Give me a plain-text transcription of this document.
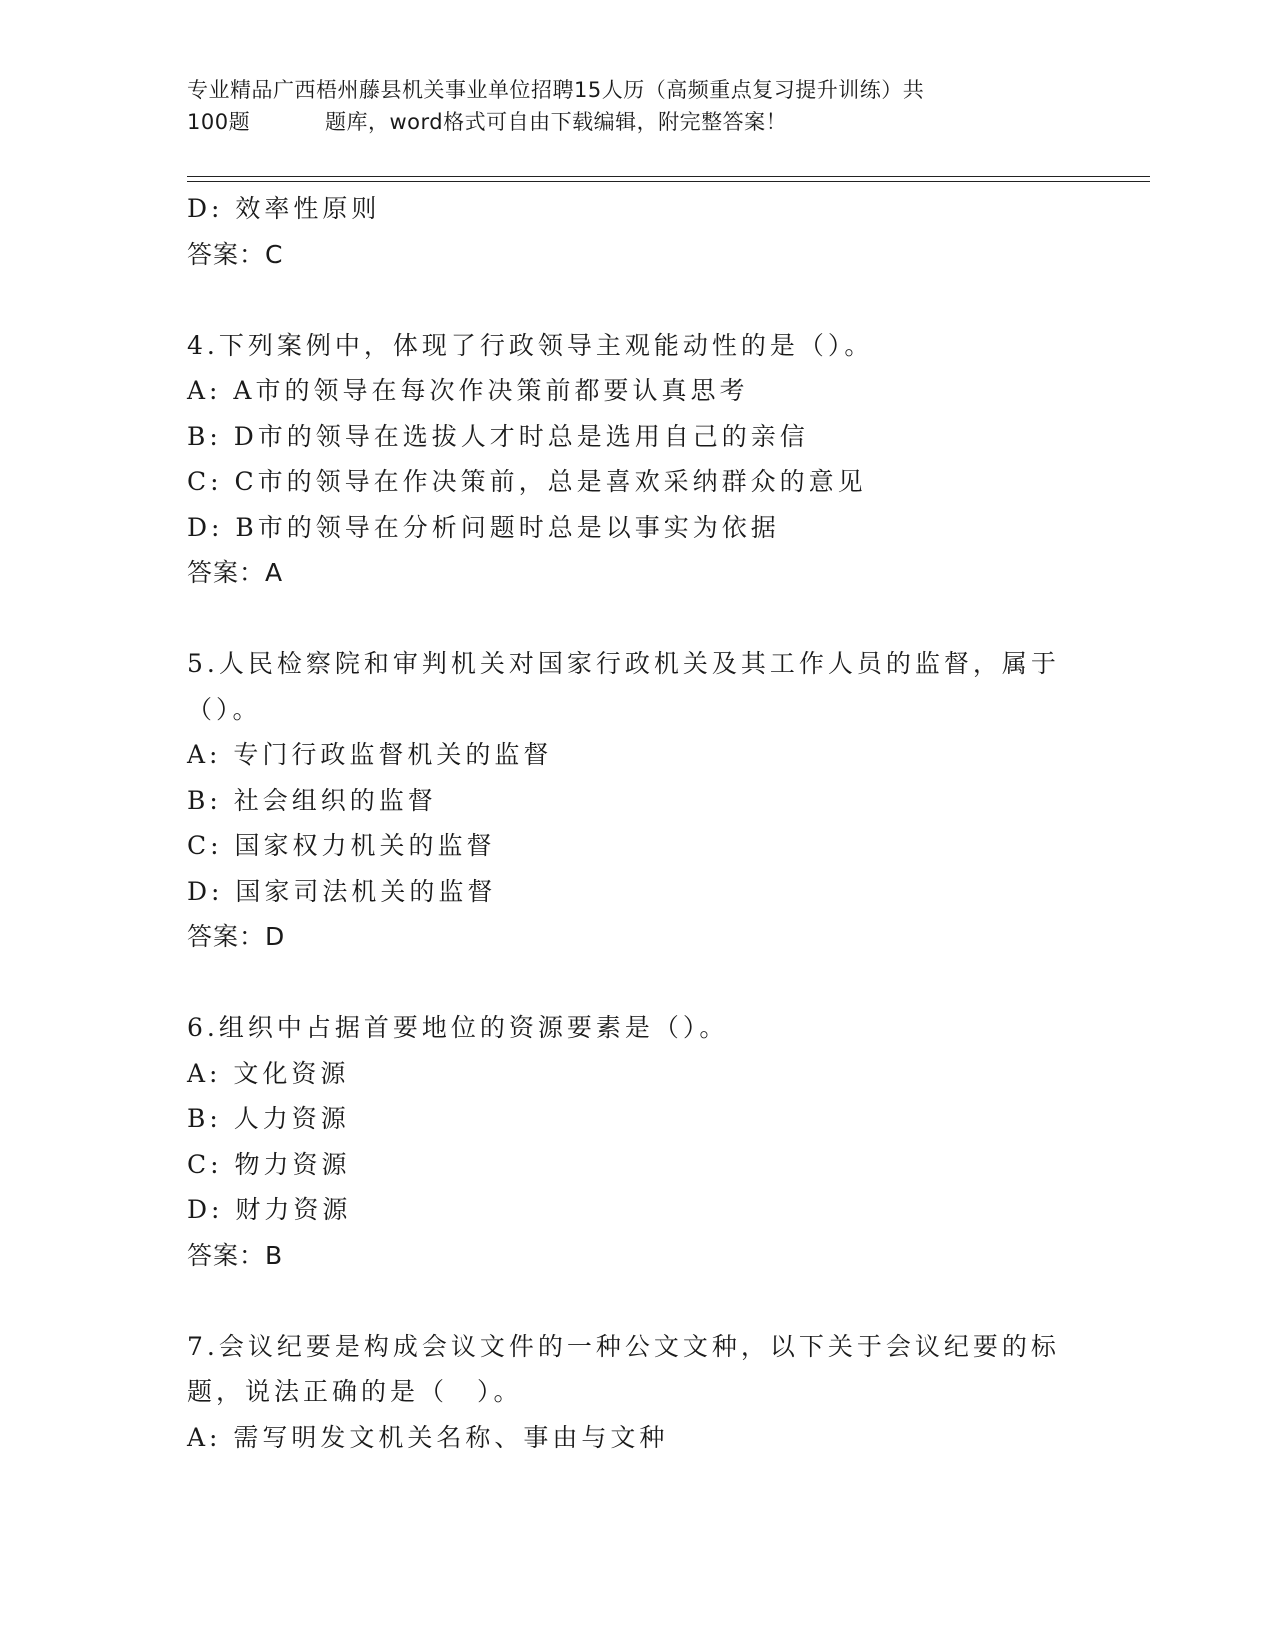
专业精品广西梧州藤县机关事业单位招聘15人历（高频重点复习提升训练）共
100题	题库，word格式可自由下载编辑，附完整答案！
D: 效率性原则
答案：C
4.下列案例中，体现了行政领导主观能动性的是（）。
A: A市的领导在每次作决策前都要认真思考
B: D市的领导在选拔人才时总是选用自己的亲信
C: C市的领导在作决策前，总是喜欢采纳群众的意见
D: B市的领导在分析问题时总是以事实为依据
答案：A
5.人民检察院和审判机关对国家行政机关及其工作人员的监督，属于
（）。
A: 专门行政监督机关的监督
B: 社会组织的监督
C: 国家权力机关的监督
D: 国家司法机关的监督
答案：D
6.组织中占据首要地位的资源要素是（）。
A: 文化资源
B: 人力资源
C: 物力资源
D: 财力资源
答案：B
7.会议纪要是构成会议文件的一种公文文种，以下关于会议纪要的标
题，说法正确的是（　）。
A: 需写明发文机关名称、事由与文种
